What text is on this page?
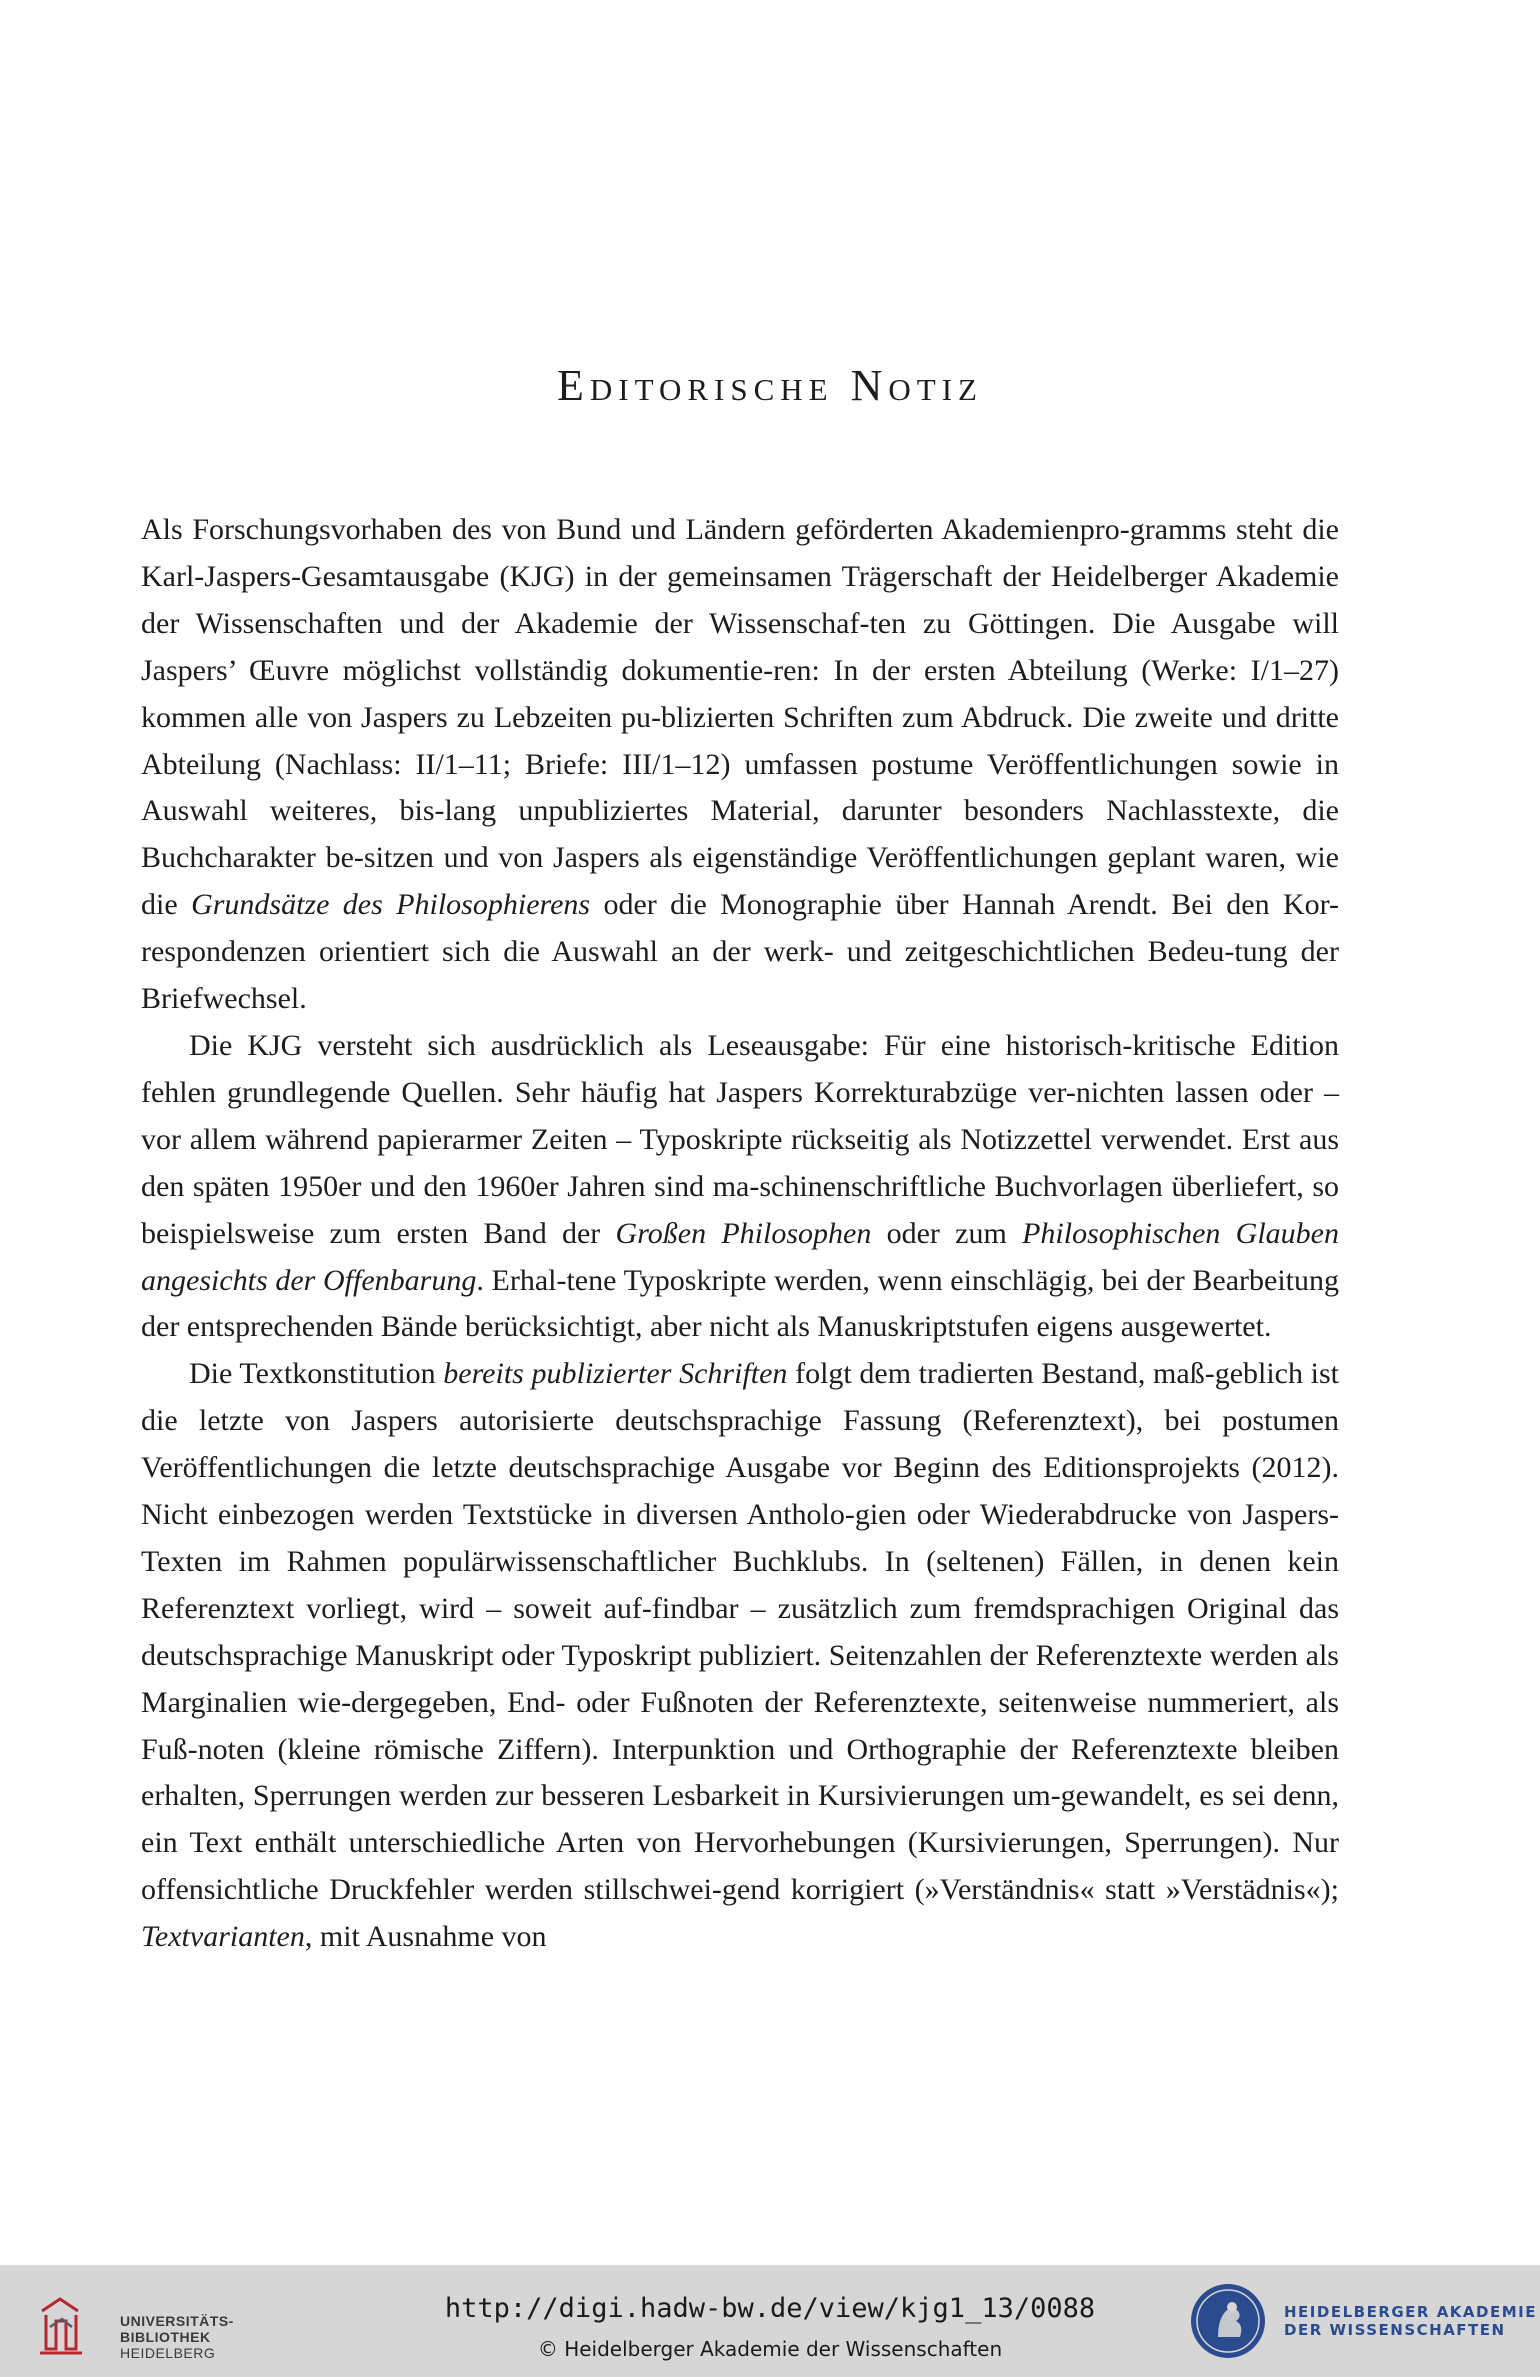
Editorische Notiz

Als Forschungsvorhaben des von Bund und Ländern geförderten Akademienpro-gramms steht die Karl-Jaspers-Gesamtausgabe (KJG) in der gemeinsamen Trägerschaft der Heidelberger Akademie der Wissenschaften und der Akademie der Wissenschaf-ten zu Göttingen. Die Ausgabe will Jaspers’ Œuvre möglichst vollständig dokumentie-ren: In der ersten Abteilung (Werke: I/1–27) kommen alle von Jaspers zu Lebzeiten pu-blizierten Schriften zum Abdruck. Die zweite und dritte Abteilung (Nachlass: II/1–11; Briefe: III/1–12) umfassen postume Veröffentlichungen sowie in Auswahl weiteres, bis-lang unpubliziertes Material, darunter besonders Nachlasstexte, die Buchcharakter be-sitzen und von Jaspers als eigenständige Veröffentlichungen geplant waren, wie die Grundsätze des Philosophierens oder die Monographie über Hannah Arendt. Bei den Kor-respondenzen orientiert sich die Auswahl an der werk- und zeitgeschichtlichen Bedeu-tung der Briefwechsel.

Die KJG versteht sich ausdrücklich als Leseausgabe: Für eine historisch-kritische Edition fehlen grundlegende Quellen. Sehr häufig hat Jaspers Korrekturabzüge ver-nichten lassen oder – vor allem während papierarmer Zeiten – Typoskripte rückseitig als Notizzettel verwendet. Erst aus den späten 1950er und den 1960er Jahren sind ma-schinenschriftliche Buchvorlagen überliefert, so beispielsweise zum ersten Band der Großen Philosophen oder zum Philosophischen Glauben angesichts der Offenbarung. Erhal-tene Typoskripte werden, wenn einschlägig, bei der Bearbeitung der entsprechenden Bände berücksichtigt, aber nicht als Manuskriptstufen eigens ausgewertet.

Die Textkonstitution bereits publizierter Schriften folgt dem tradierten Bestand, maß-geblich ist die letzte von Jaspers autorisierte deutschsprachige Fassung (Referenztext), bei postumen Veröffentlichungen die letzte deutschsprachige Ausgabe vor Beginn des Editionsprojekts (2012). Nicht einbezogen werden Textstücke in diversen Antholo-gien oder Wiederabdrucke von Jaspers-Texten im Rahmen populärwissenschaftlicher Buchklubs. In (seltenen) Fällen, in denen kein Referenztext vorliegt, wird – soweit auf-findbar – zusätzlich zum fremdsprachigen Original das deutschsprachige Manuskript oder Typoskript publiziert. Seitenzahlen der Referenztexte werden als Marginalien wie-dergegeben, End- oder Fußnoten der Referenztexte, seitenweise nummeriert, als Fuß-noten (kleine römische Ziffern). Interpunktion und Orthographie der Referenztexte bleiben erhalten, Sperrungen werden zur besseren Lesbarkeit in Kursivierungen um-gewandelt, es sei denn, ein Text enthält unterschiedliche Arten von Hervorhebungen (Kursivierungen, Sperrungen). Nur offensichtliche Druckfehler werden stillschwei-gend korrigiert (»Verständnis« statt »Verstädnis«); Textvarianten, mit Ausnahme von

UNIVERSITÄTS-
BIBLIOTHEK
HEIDELBERG
http://digi.hadw-bw.de/view/kjg1_13/0088
© Heidelberger Akademie der Wissenschaften
HEIDELBERGER AKADEMIE
DER WISSENSCHAFTEN
